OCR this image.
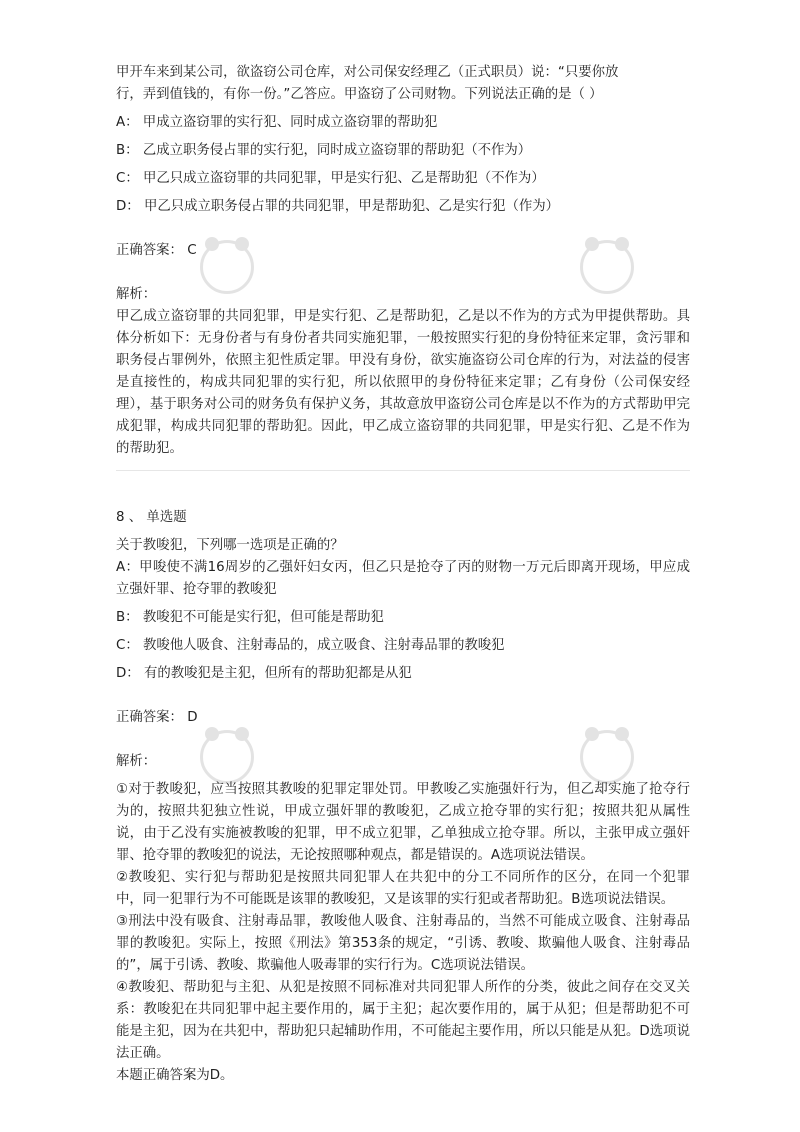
甲开车来到某公司，欲盗窃公司仓库，对公司保安经理乙（正式职员）说：“只要你放
行，弄到值钱的，有你一份。”乙答应。甲盗窃了公司财物。下列说法正确的是（ ）
A： 甲成立盗窃罪的实行犯、同时成立盗窃罪的帮助犯
B： 乙成立职务侵占罪的实行犯，同时成立盗窃罪的帮助犯（不作为）
C： 甲乙只成立盗窃罪的共同犯罪，甲是实行犯、乙是帮助犯（不作为）
D： 甲乙只成立职务侵占罪的共同犯罪，甲是帮助犯、乙是实行犯（作为）
正确答案： C
解析：
甲乙成立盗窃罪的共同犯罪，甲是实行犯、乙是帮助犯，乙是以不作为的方式为甲提供帮助。具体分析如下：无身份者与有身份者共同实施犯罪，一般按照实行犯的身份特征来定罪，贪污罪和职务侵占罪例外，依照主犯性质定罪。甲没有身份，欲实施盗窃公司仓库的行为，对法益的侵害是直接性的，构成共同犯罪的实行犯，所以依照甲的身份特征来定罪；乙有身份（公司保安经理），基于职务对公司的财务负有保护义务，其故意放甲盗窃公司仓库是以不作为的方式帮助甲完成犯罪，构成共同犯罪的帮助犯。因此，甲乙成立盗窃罪的共同犯罪，甲是实行犯、乙是不作为的帮助犯。
8 、 单选题
关于教唆犯，下列哪一选项是正确的？
A：甲唆使不满16周岁的乙强奸妇女丙，但乙只是抢夺了丙的财物一万元后即离开现场，甲应成立强奸罪、抢夺罪的教唆犯
B： 教唆犯不可能是实行犯，但可能是帮助犯
C： 教唆他人吸食、注射毒品的，成立吸食、注射毒品罪的教唆犯
D： 有的教唆犯是主犯，但所有的帮助犯都是从犯
正确答案： D
解析：
①对于教唆犯，应当按照其教唆的犯罪定罪处罚。甲教唆乙实施强奸行为，但乙却实施了抢夺行为的，按照共犯独立性说，甲成立强奸罪的教唆犯，乙成立抢夺罪的实行犯；按照共犯从属性说，由于乙没有实施被教唆的犯罪，甲不成立犯罪，乙单独成立抢夺罪。所以，主张甲成立强奸罪、抢夺罪的教唆犯的说法，无论按照哪种观点，都是错误的。A选项说法错误。
②教唆犯、实行犯与帮助犯是按照共同犯罪人在共犯中的分工不同所作的区分，在同一个犯罪中，同一犯罪行为不可能既是该罪的教唆犯，又是该罪的实行犯或者帮助犯。B选项说法错误。
③刑法中没有吸食、注射毒品罪，教唆他人吸食、注射毒品的，当然不可能成立吸食、注射毒品罪的教唆犯。实际上，按照《刑法》第353条的规定，“引诱、教唆、欺骗他人吸食、注射毒品的”，属于引诱、教唆、欺骗他人吸毒罪的实行行为。C选项说法错误。
④教唆犯、帮助犯与主犯、从犯是按照不同标准对共同犯罪人所作的分类，彼此之间存在交叉关系：教唆犯在共同犯罪中起主要作用的，属于主犯；起次要作用的，属于从犯；但是帮助犯不可能是主犯，因为在共犯中，帮助犯只起辅助作用，不可能起主要作用，所以只能是从犯。D选项说法正确。
本题正确答案为D。
